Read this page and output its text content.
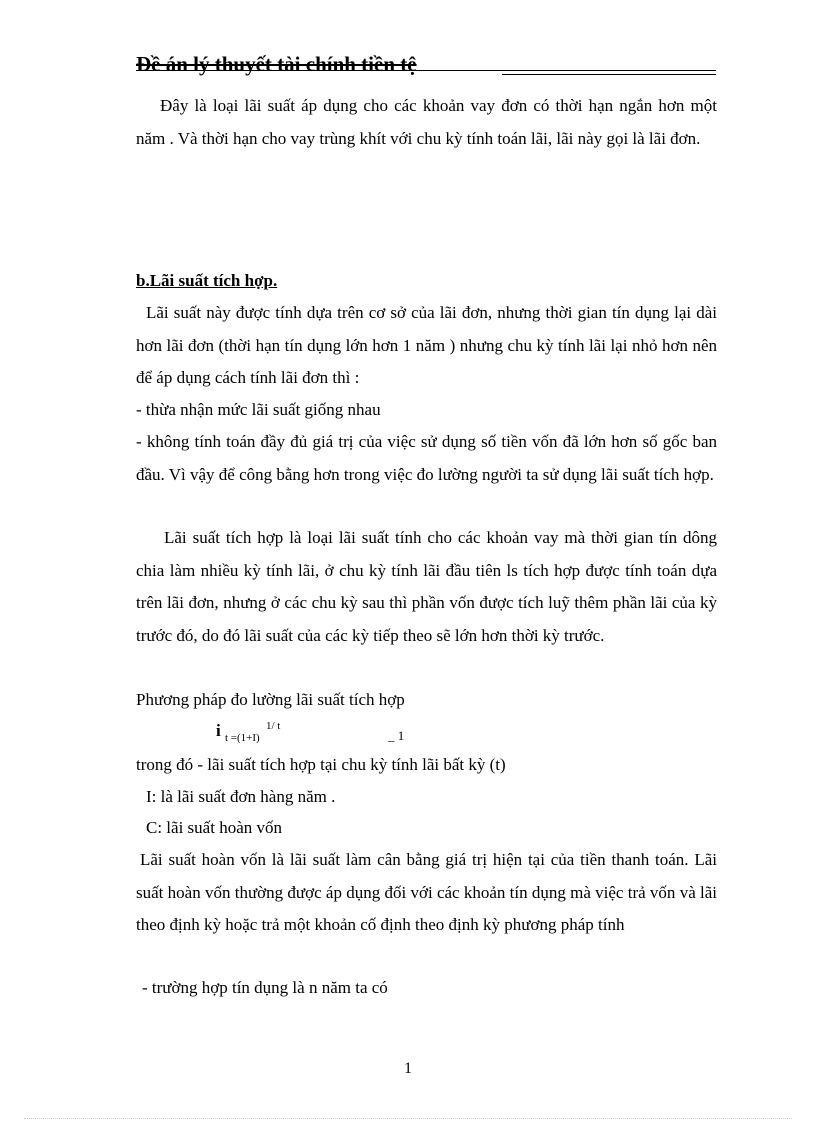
Đề án lý thuyết tài chính tiền tệ

Đây là loại lãi suất áp dụng cho các khoản vay đơn có thời hạn ngắn hơn một năm . Và thời hạn cho vay trùng khít với chu kỳ tính toán lãi, lãi này gọi là lãi đơn.

b.Lãi suất tích hợp.

Lãi suất này được tính dựa trên cơ sở của lãi đơn, nhưng thời gian tín dụng lại dài hơn lãi đơn (thời hạn tín dụng lớn hơn 1 năm ) nhưng chu kỳ tính lãi lại nhỏ hơn nên để áp dụng cách tính lãi đơn thì :

- thừa nhận mức lãi suất giống nhau

- không tính toán đầy đủ giá trị của việc sử dụng số tiền vốn đã lớn hơn số gốc ban đầu. Vì vậy để công bằng hơn trong việc đo lường người ta sử dụng lãi suất tích hợp.

Lãi suất tích hợp là loại lãi suất tính cho các khoản vay mà thời gian tín dông chia làm nhiều kỳ tính lãi, ở chu kỳ tính lãi đầu tiên ls tích hợp được tính toán dựa trên lãi đơn, nhưng ở các chu kỳ sau thì phần vốn được tích luỹ thêm phần lãi của kỳ trước đó, do đó lãi suất của các kỳ tiếp theo sẽ lớn hơn thời kỳ trước.

Phương pháp đo lường lãi suất tích hợp

i t =(1+I)
1/ t
_ 1

trong đó - lãi suất tích hợp tại chu kỳ tính lãi bất kỳ (t)

I: là lãi suất đơn hàng năm .

C: lãi suất hoàn vốn

Lãi suất hoàn vốn là lãi suất làm cân bằng giá trị hiện tại của tiền thanh toán. Lãi suất hoàn vốn thường được áp dụng đối với các khoản tín dụng mà việc trả vốn và lãi theo định kỳ hoặc trả một khoản cố định theo định kỳ phương pháp tính

- trường hợp tín dụng là n năm ta có

1
